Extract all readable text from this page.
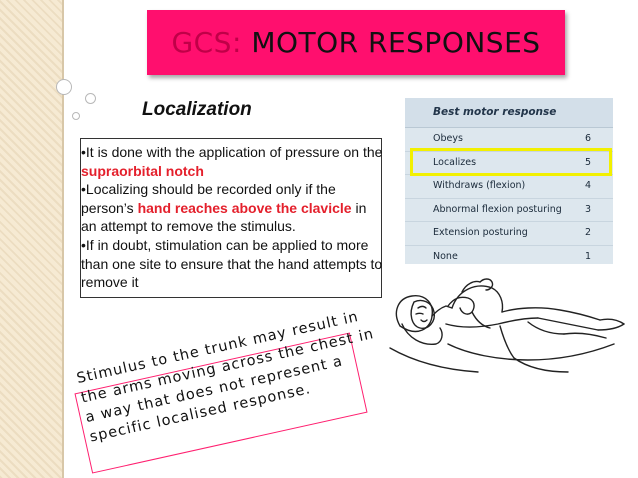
GCS: MOTOR RESPONSES
Localization
•It is done with the application of pressure on the supraorbital notch
•Localizing should be recorded only if the person’s hand reaches above the clavicle in an attempt to remove the stimulus.
•If in doubt, stimulation can be applied to more than one site to ensure that the hand attempts to remove it
Best motor response
Obeys	6
Localizes	5
Withdraws (flexion)	4
Abnormal flexion posturing 3
Extension posturing	2
None	1
Stimulus to the trunk may result in the arms moving across the chest in a way that does not represent a specific localised response.
